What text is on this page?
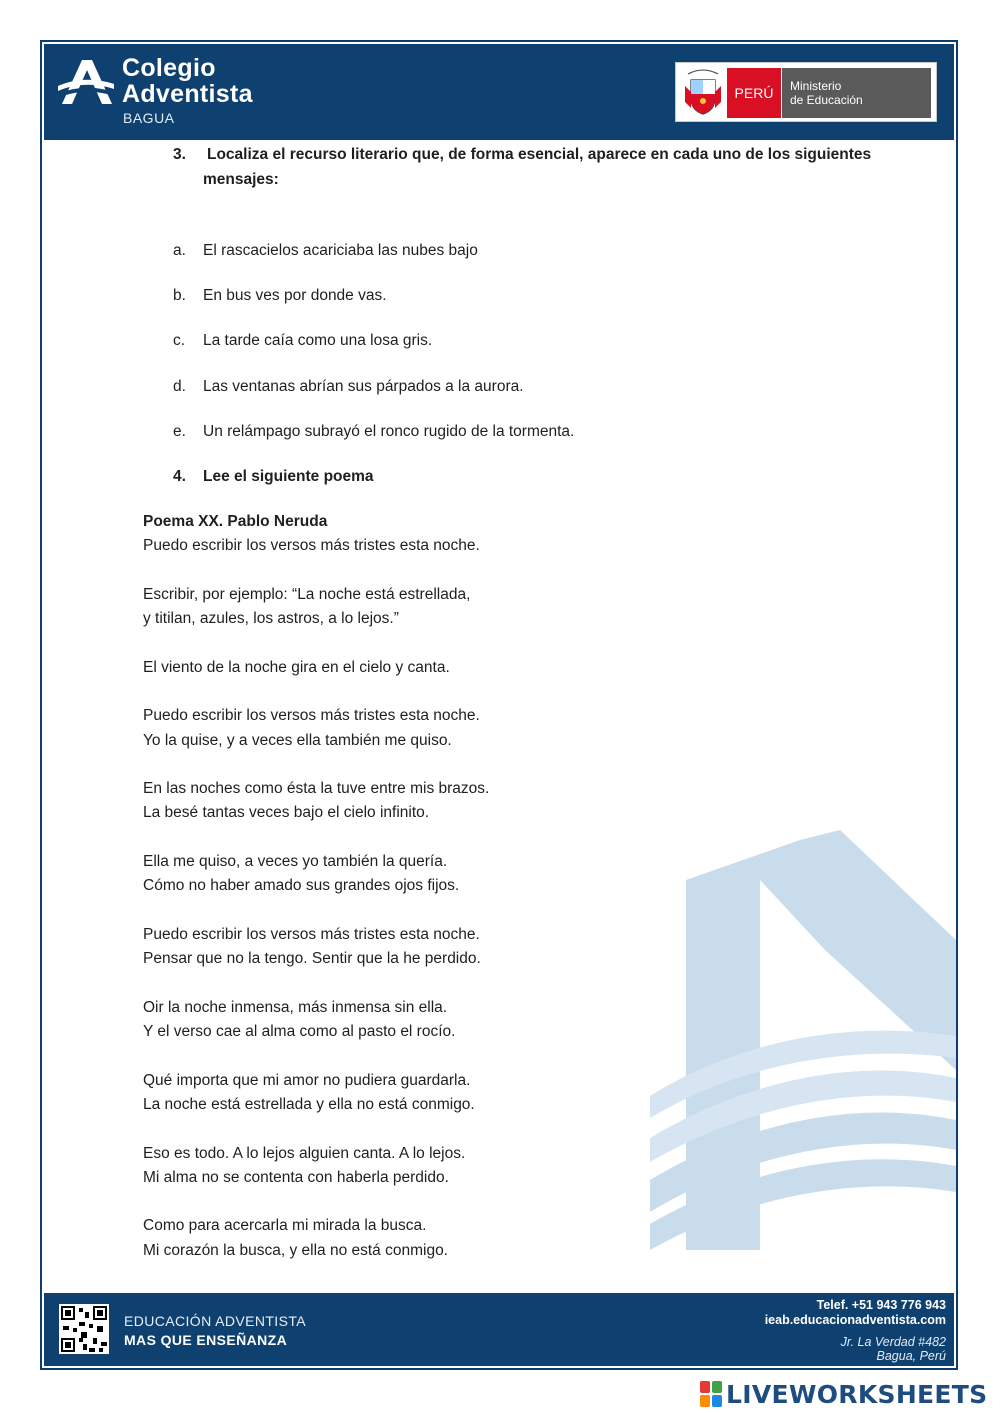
Colegio
Adventista
BAGUA
PERÚ	Ministerio
de Educación
3. Localiza el recurso literario que, de forma esencial, aparece en cada uno de los siguientes
mensajes:
a. El rascacielos acariciaba las nubes bajo
b. En bus ves por donde vas.
c. La tarde caía como una losa gris.
d. Las ventanas abrían sus párpados a la aurora.
e. Un relámpago subrayó el ronco rugido de la tormenta.
4. Lee el siguiente poema
Poema XX. Pablo Neruda
Puedo escribir los versos más tristes esta noche.
Escribir, por ejemplo: “La noche está estrellada,
y titilan, azules, los astros, a lo lejos.”
El viento de la noche gira en el cielo y canta.
Puedo escribir los versos más tristes esta noche.
Yo la quise, y a veces ella también me quiso.
En las noches como ésta la tuve entre mis brazos.
La besé tantas veces bajo el cielo infinito.
Ella me quiso, a veces yo también la quería.
Cómo no haber amado sus grandes ojos fijos.
Puedo escribir los versos más tristes esta noche.
Pensar que no la tengo. Sentir que la he perdido.
Oir la noche inmensa, más inmensa sin ella.
Y el verso cae al alma como al pasto el rocío.
Qué importa que mi amor no pudiera guardarla.
La noche está estrellada y ella no está conmigo.
Eso es todo. A lo lejos alguien canta. A lo lejos.
Mi alma no se contenta con haberla perdido.
Como para acercarla mi mirada la busca.
Mi corazón la busca, y ella no está conmigo.
EDUCACIÓN ADVENTISTA
MAS QUE ENSEÑANZA
Telef. +51 943 776 943
ieab.educacionadventista.com
Jr. La Verdad #482
Bagua, Perú
LIVEWORKSHEETS
